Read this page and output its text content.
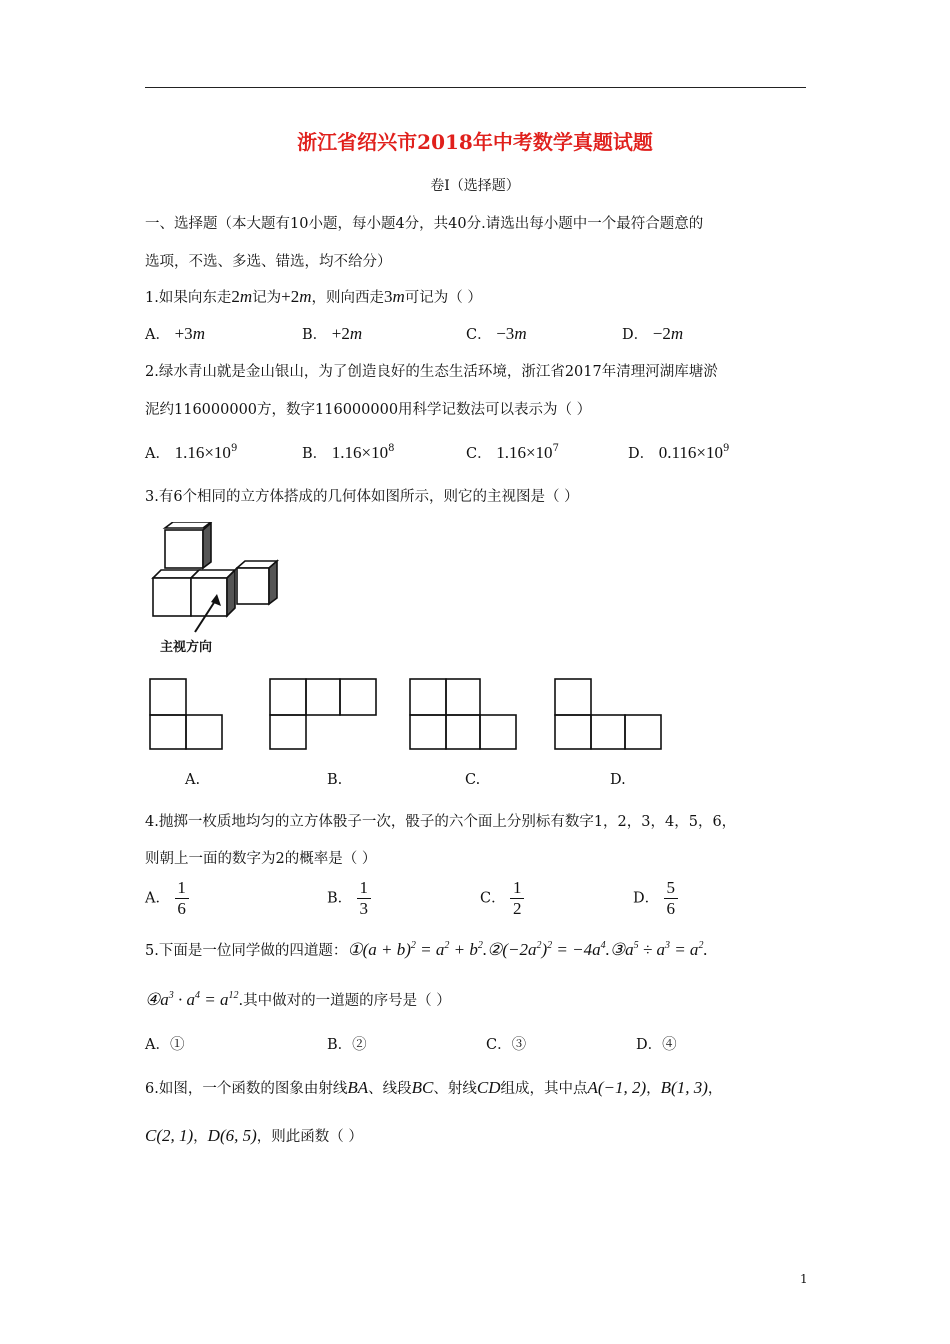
浙江省绍兴市2018年中考数学真题试题
卷Ⅰ（选择题）
一、选择题（本大题有10小题，每小题4分，共40分.请选出每小题中一个最符合题意的
选项，不选、多选、错选，均不给分）
1.如果向东走2m记为+2m，则向西走3m可记为（ ）
A． +3m	B． +2m	C． −3m	D． −2m
2.绿水青山就是金山银山，为了创造良好的生态生活环境，浙江省2017年清理河湖库塘淤
泥约116000000方，数字116000000用科学记数法可以表示为（ ）
A． $1.16\times 10^9$	B． $1.16\times 10^8$	C． $1.16\times 10^7$	D． $0.116\times 10^9$
3.有6个相同的立方体搭成的几何体如图所示，则它的主视图是（ ）
主视方向
A.	B.	C.	D.
4.抛掷一枚质地均匀的立方体骰子一次，骰子的六个面上分别标有数字1，2，3，4，5，6，
则朝上一面的数字为2的概率是（ ）
A． $\frac{1}{6}$	B． $\frac{1}{3}$	C． $\frac{1}{2}$	D． $\frac{5}{6}$
5.下面是一位同学做的四道题：①(a + $b)^2 = a^2$ + $b^2.②(-2a^2)^2$ = $-4a^4.③a^5 \div a^3 = a^2$.
$④a^3 \cdot a^4 = a^{12}$.其中做对的一道题的序号是（ ）
A．①	B．②	C．③	D．④
6.如图，一个函数的图象由射线BA、线段BC、射线CD组成，其中点A(−1, 2)，B(1, 3)，
C(2, 1)，D(6, 5)，则此函数（ ）
1
